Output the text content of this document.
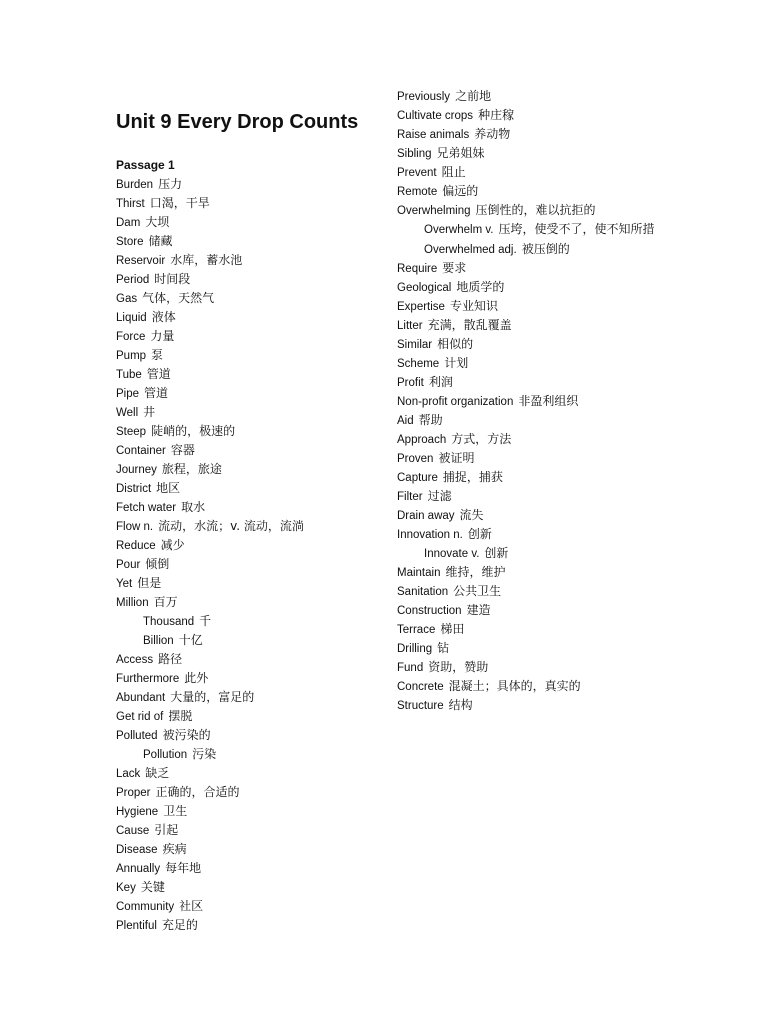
Unit 9 Every Drop Counts
Passage 1
Burden 压力
Thirst 口渴，干旱
Dam 大坝
Store 储藏
Reservoir 水库，蓄水池
Period 时间段
Gas 气体，天然气
Liquid 液体
Force 力量
Pump 泵
Tube 管道
Pipe 管道
Well 井
Steep 陡峭的，极速的
Container 容器
Journey 旅程，旅途
District 地区
Fetch water 取水
Flow n. 流动，水流；v. 流动，流淌
Reduce 减少
Pour 倾倒
Yet 但是
Million 百万
Thousand 千
Billion 十亿
Access 路径
Furthermore 此外
Abundant 大量的，富足的
Get rid of 摆脱
Polluted 被污染的
Pollution 污染
Lack 缺乏
Proper 正确的，合适的
Hygiene 卫生
Cause 引起
Disease 疾病
Annually 每年地
Key 关键
Community 社区
Plentiful 充足的
Previously 之前地
Cultivate crops 种庄稼
Raise animals 养动物
Sibling 兄弟姐妹
Prevent 阻止
Remote 偏远的
Overwhelming 压倒性的，难以抗拒的
Overwhelm v. 压垮，使受不了，使不知所措
Overwhelmed adj. 被压倒的
Require 要求
Geological 地质学的
Expertise 专业知识
Litter 充满，散乱覆盖
Similar 相似的
Scheme 计划
Profit 利润
Non-profit organization 非盈利组织
Aid 帮助
Approach 方式，方法
Proven 被证明
Capture 捕捉，捕获
Filter 过滤
Drain away 流失
Innovation n. 创新
Innovate v. 创新
Maintain 维持，维护
Sanitation 公共卫生
Construction 建造
Terrace 梯田
Drilling 钻
Fund 资助，赞助
Concrete 混凝土；具体的，真实的
Structure 结构
